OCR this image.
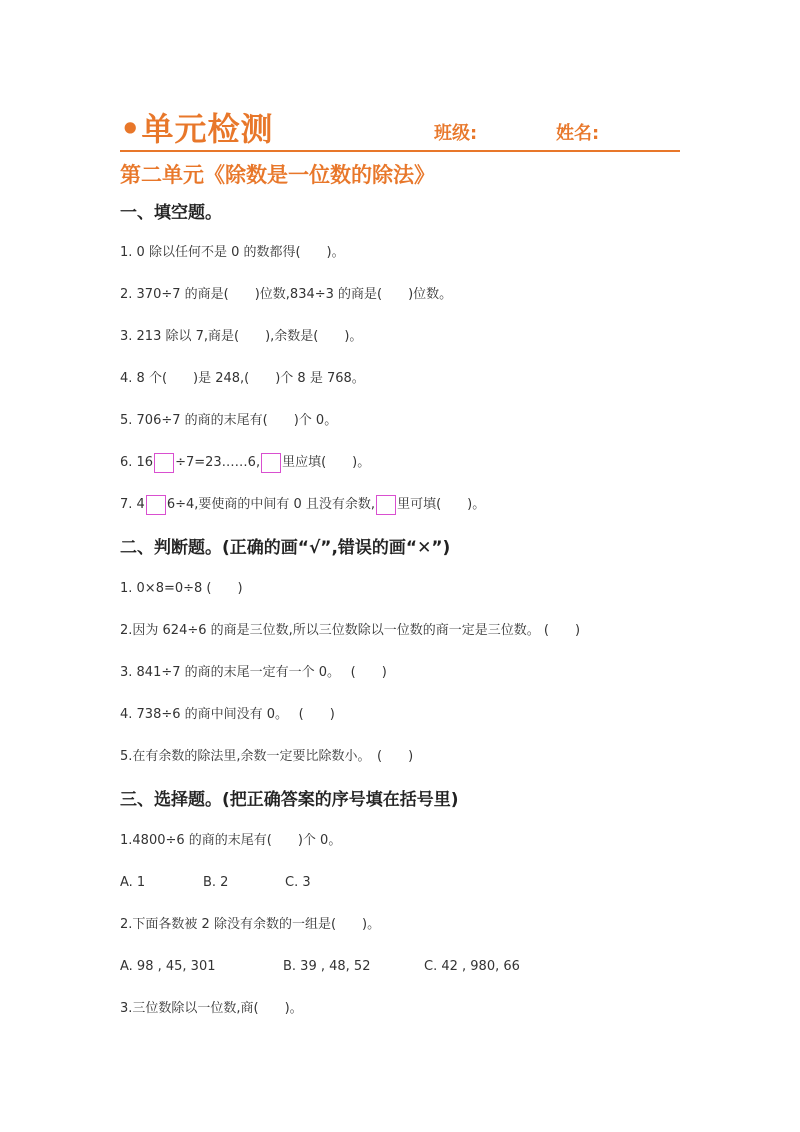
•单元检测	班级:	姓名:
第二单元《除数是一位数的除法》
一、填空题。
1. 0 除以任何不是 0 的数都得(　　)。
2. 370÷7 的商是(　　)位数,834÷3 的商是(　　)位数。
3. 213 除以 7,商是(　　),余数是(　　)。
4. 8 个(　　)是 248,(　　)个 8 是 768。
5. 706÷7 的商的末尾有(　　)个 0。
6. 16 ÷7=23……6, 里应填(　　)。
7. 4 6÷4,要使商的中间有 0 且没有余数, 里可填(　　)。
二、判断题。(正确的画“√”,错误的画“✕”)
1. 0×8=0÷8 (　　)
2.因为 624÷6 的商是三位数,所以三位数除以一位数的商一定是三位数。 (　　)
3. 841÷7 的商的末尾一定有一个 0。　 (　　)
4. 738÷6 的商中间没有 0。　 (　　)
5.在有余数的除法里,余数一定要比除数小。　(　　)
三、选择题。(把正确答案的序号填在括号里)
1.4800÷6 的商的末尾有(　　)个 0。
A. 1	B. 2	C. 3
2.下面各数被 2 除没有余数的一组是(　　)。
A. 98 , 45, 301	B. 39 , 48, 52	C. 42 , 980, 66
3.三位数除以一位数,商(　　)。
